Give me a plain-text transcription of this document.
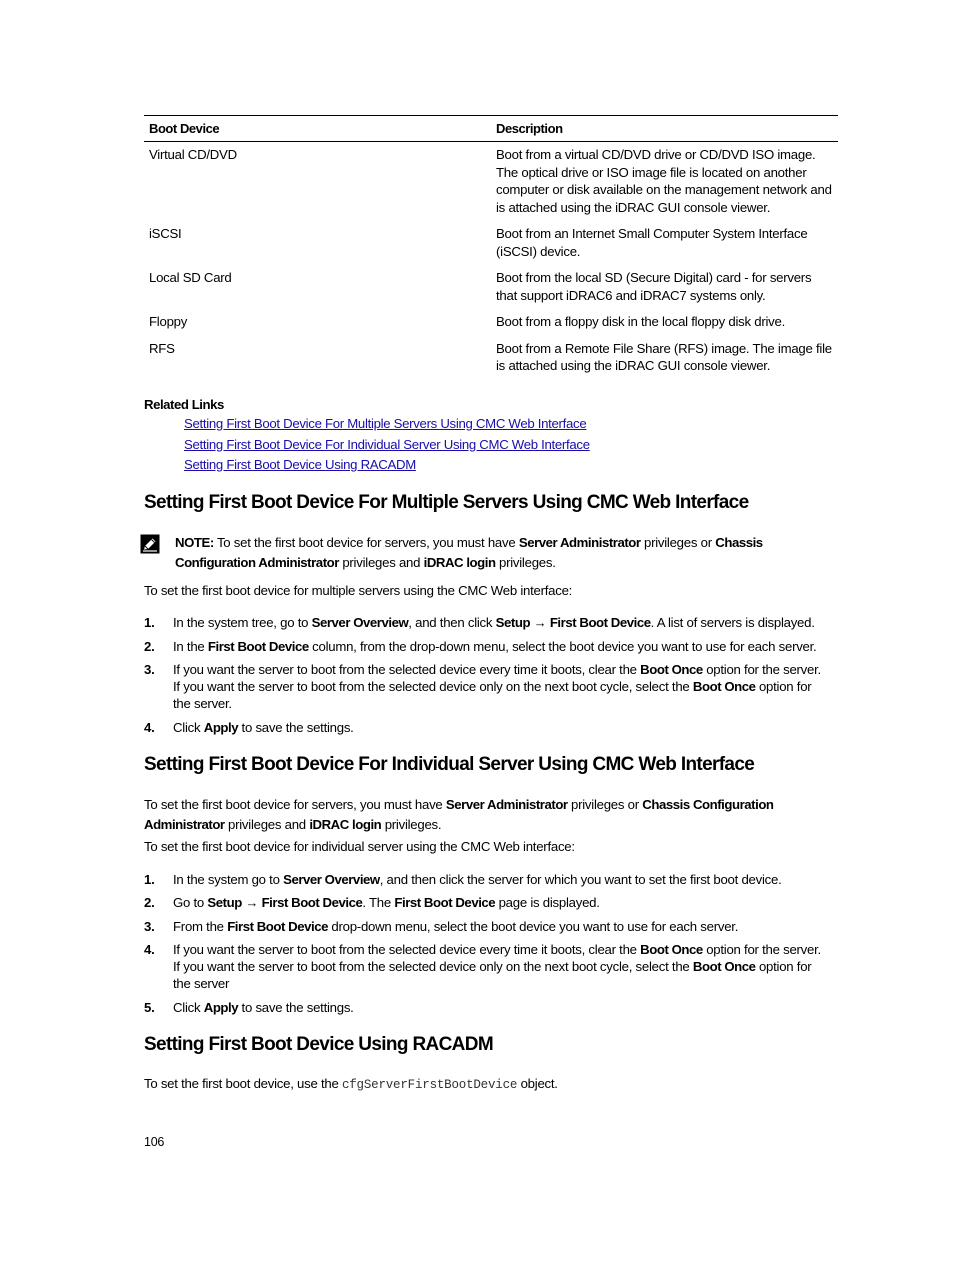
Boot Device	Description
Virtual CD/DVD	Boot from a virtual CD/DVD drive or CD/DVD ISO image. The optical drive or ISO image file is located on another computer or disk available on the management network and is attached using the iDRAC GUI console viewer.
iSCSI	Boot from an Internet Small Computer System Interface (iSCSI) device.
Local SD Card	Boot from the local SD (Secure Digital) card - for servers that support iDRAC6 and iDRAC7 systems only.
Floppy	Boot from a floppy disk in the local floppy disk drive.
RFS	Boot from a Remote File Share (RFS) image. The image file is attached using the iDRAC GUI console viewer.
Related Links
Setting First Boot Device For Multiple Servers Using CMC Web Interface
Setting First Boot Device For Individual Server Using CMC Web Interface
Setting First Boot Device Using RACADM
Setting First Boot Device For Multiple Servers Using CMC Web Interface
NOTE: To set the first boot device for servers, you must have Server Administrator privileges or Chassis Configuration Administrator privileges and iDRAC login privileges.
To set the first boot device for multiple servers using the CMC Web interface:
1. In the system tree, go to Server Overview, and then click Setup → First Boot Device. A list of servers is displayed.
2. In the First Boot Device column, from the drop-down menu, select the boot device you want to use for each server.
3. If you want the server to boot from the selected device every time it boots, clear the Boot Once option for the server. If you want the server to boot from the selected device only on the next boot cycle, select the Boot Once option for the server.
4. Click Apply to save the settings.
Setting First Boot Device For Individual Server Using CMC Web Interface
To set the first boot device for servers, you must have Server Administrator privileges or Chassis Configuration Administrator privileges and iDRAC login privileges.
To set the first boot device for individual server using the CMC Web interface:
1. In the system go to Server Overview, and then click the server for which you want to set the first boot device.
2. Go to Setup → First Boot Device. The First Boot Device page is displayed.
3. From the First Boot Device drop-down menu, select the boot device you want to use for each server.
4. If you want the server to boot from the selected device every time it boots, clear the Boot Once option for the server. If you want the server to boot from the selected device only on the next boot cycle, select the Boot Once option for the server
5. Click Apply to save the settings.
Setting First Boot Device Using RACADM
To set the first boot device, use the cfgServerFirstBootDevice object.
106
